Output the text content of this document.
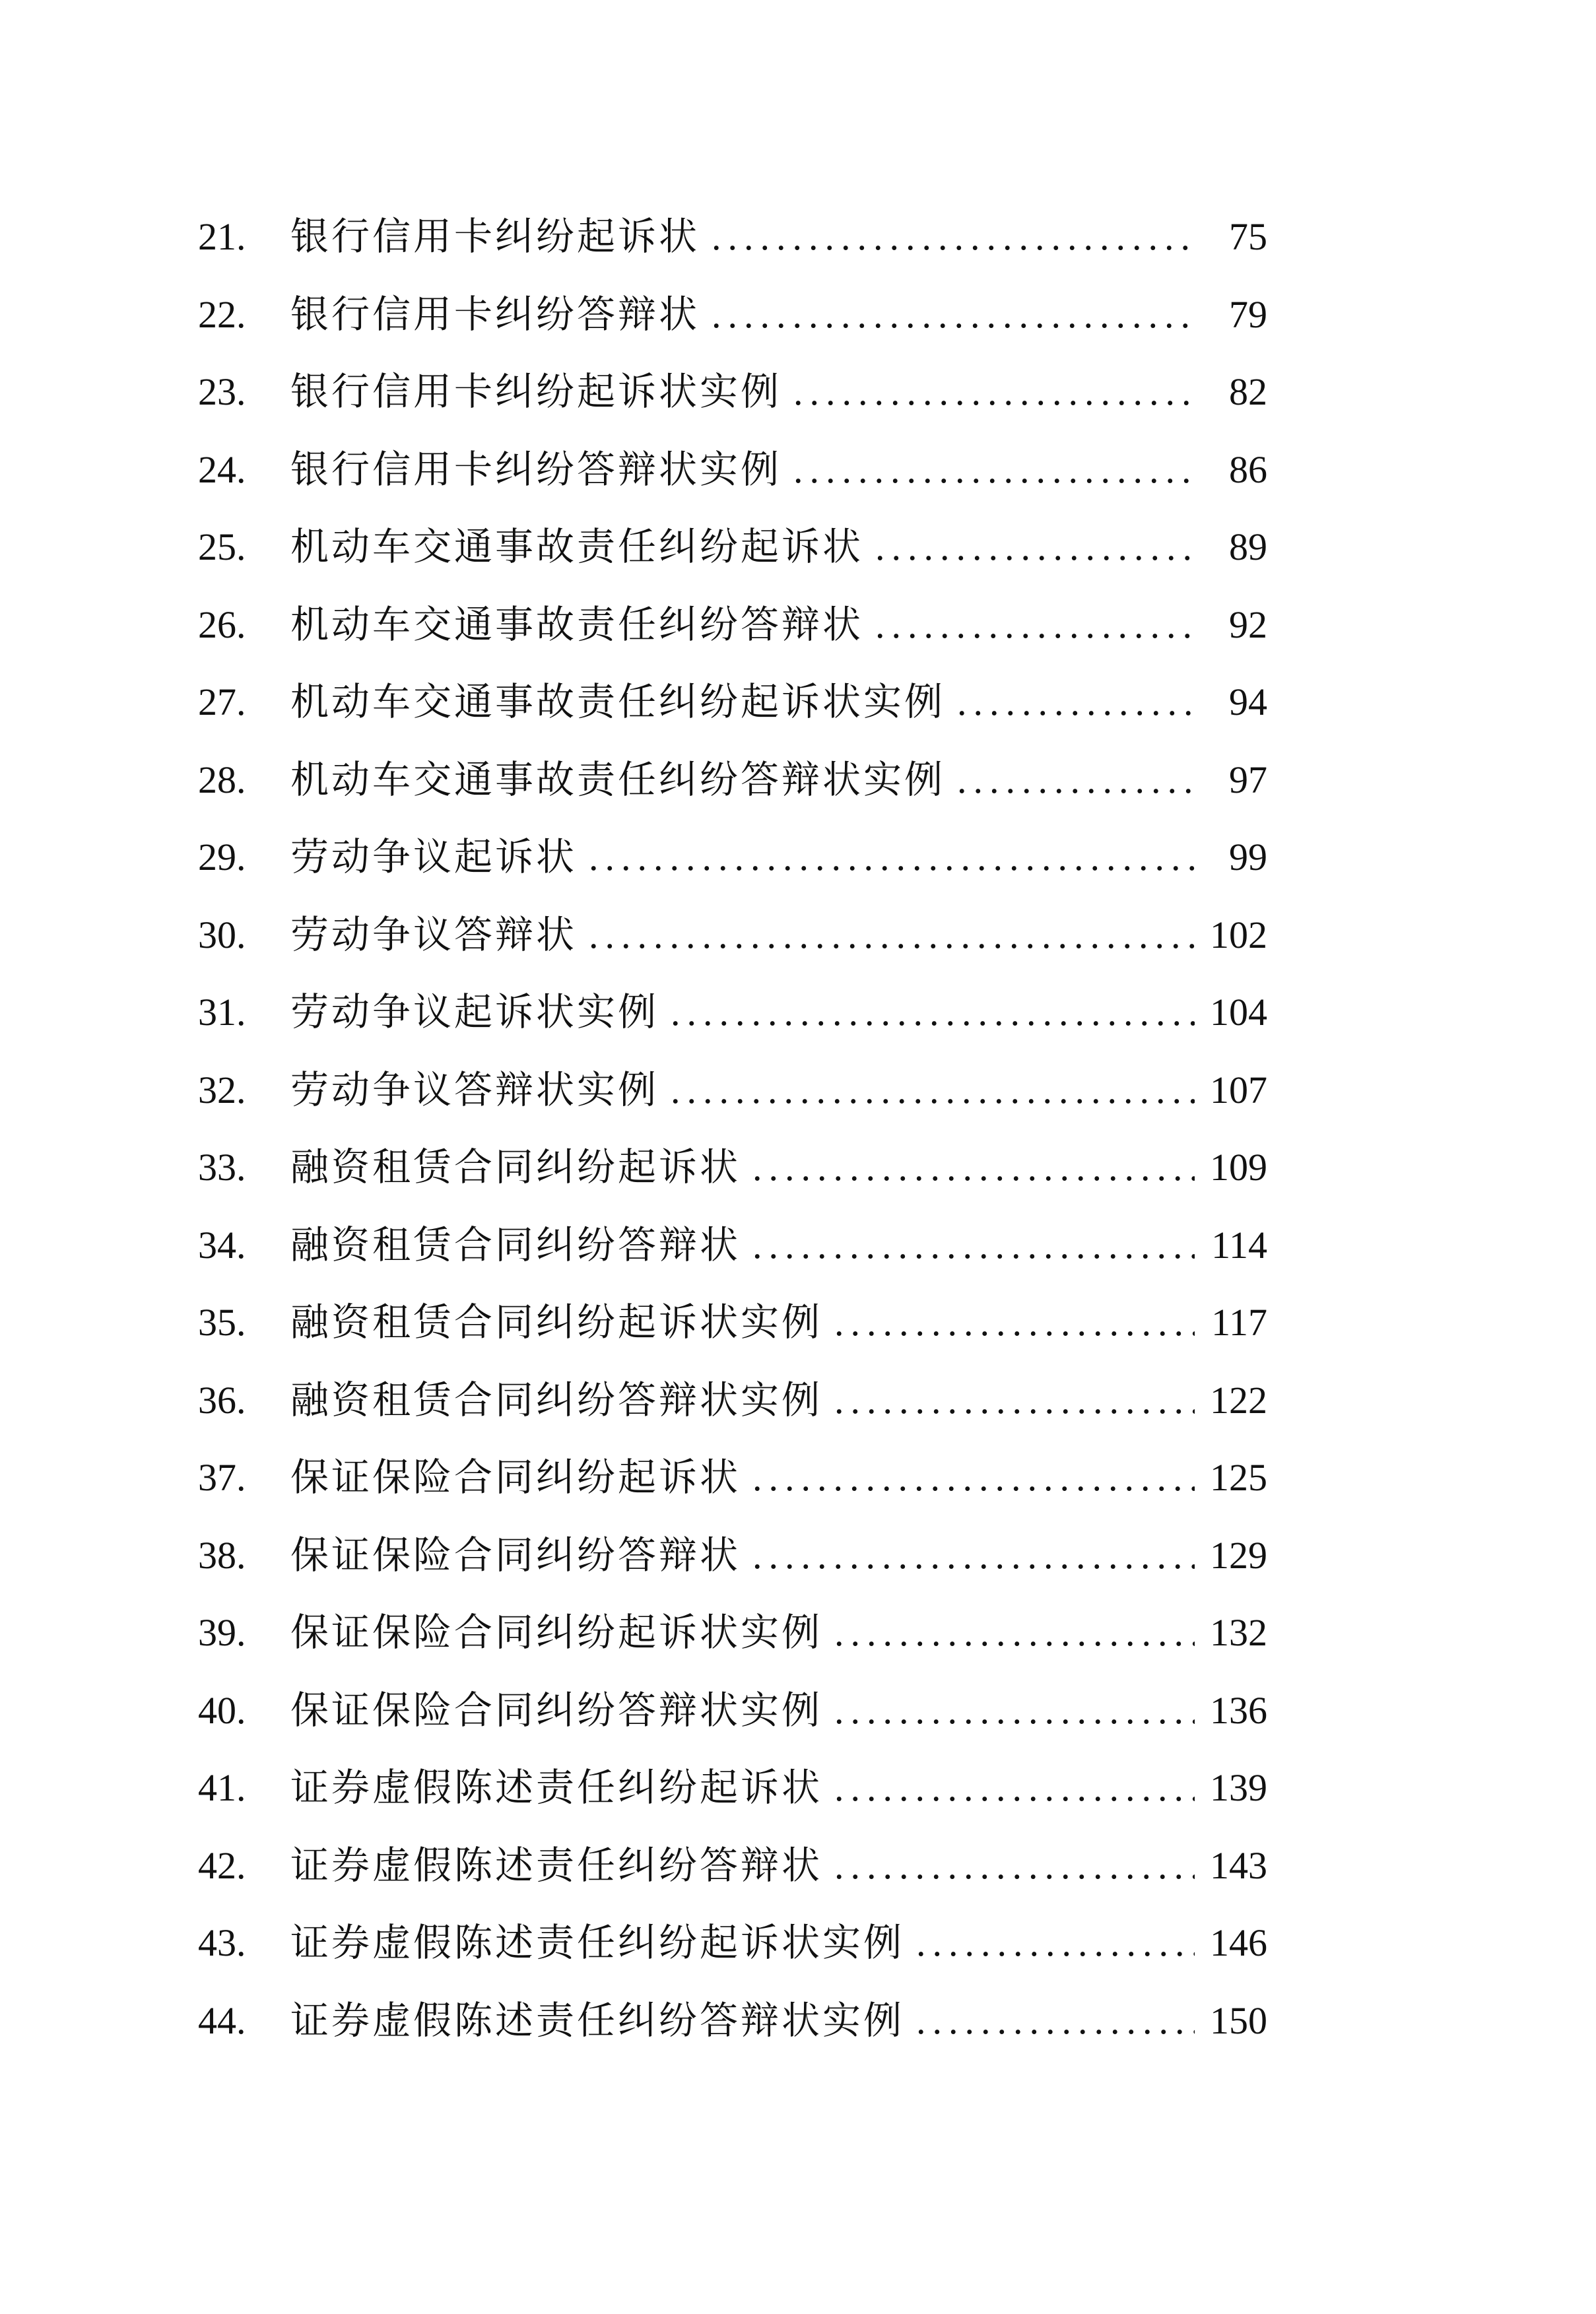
21.	银行信用卡纠纷起诉状 .....	75
22.	银行信用卡纠纷答辩状 .....	79
23.	银行信用卡纠纷起诉状实例 .....	82
24.	银行信用卡纠纷答辩状实例 .....	86
25.	机动车交通事故责任纠纷起诉状 .....	89
26.	机动车交通事故责任纠纷答辩状 .....	92
27.	机动车交通事故责任纠纷起诉状实例 .....	94
28.	机动车交通事故责任纠纷答辩状实例 .....	97
29.	劳动争议起诉状 .....	99
30.	劳动争议答辩状 .....	102
31.	劳动争议起诉状实例 .....	104
32.	劳动争议答辩状实例 .....	107
33.	融资租赁合同纠纷起诉状 .....	109
34.	融资租赁合同纠纷答辩状 .....	114
35.	融资租赁合同纠纷起诉状实例 .....	117
36.	融资租赁合同纠纷答辩状实例 .....	122
37.	保证保险合同纠纷起诉状 .....	125
38.	保证保险合同纠纷答辩状 .....	129
39.	保证保险合同纠纷起诉状实例 .....	132
40.	保证保险合同纠纷答辩状实例 .....	136
41.	证券虚假陈述责任纠纷起诉状 .....	139
42.	证券虚假陈述责任纠纷答辩状 .....	143
43.	证券虚假陈述责任纠纷起诉状实例 .....	146
44.	证券虚假陈述责任纠纷答辩状实例 .....	150
